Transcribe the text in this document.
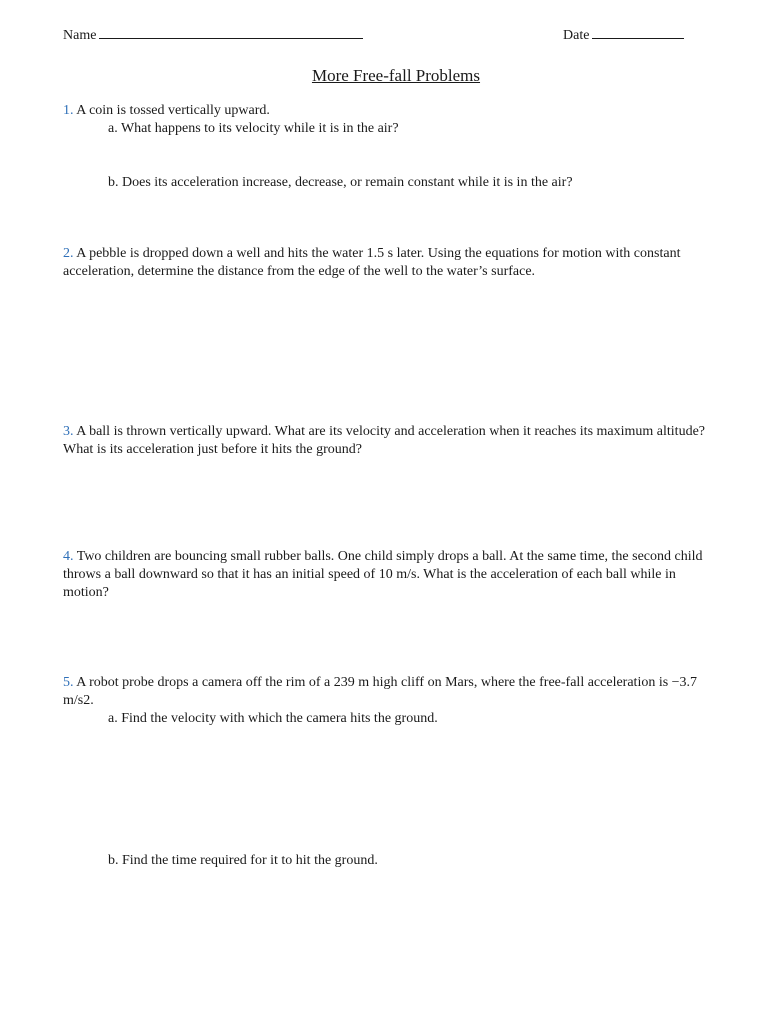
Name	Date
More Free-fall Problems
1. A coin is tossed vertically upward.
a. What happens to its velocity while it is in the air?
b. Does its acceleration increase, decrease, or remain constant while it is in the air?
2. A pebble is dropped down a well and hits the water 1.5 s later. Using the equations for motion with constant acceleration, determine the distance from the edge of the well to the water’s surface.
3. A ball is thrown vertically upward. What are its velocity and acceleration when it reaches its maximum altitude? What is its acceleration just before it hits the ground?
4. Two children are bouncing small rubber balls. One child simply drops a ball. At the same time, the second child throws a ball downward so that it has an initial speed of 10 m/s. What is the acceleration of each ball while in motion?
5. A robot probe drops a camera off the rim of a 239 m high cliff on Mars, where the free-fall acceleration is −3.7 m/s2.
a. Find the velocity with which the camera hits the ground.
b. Find the time required for it to hit the ground.
